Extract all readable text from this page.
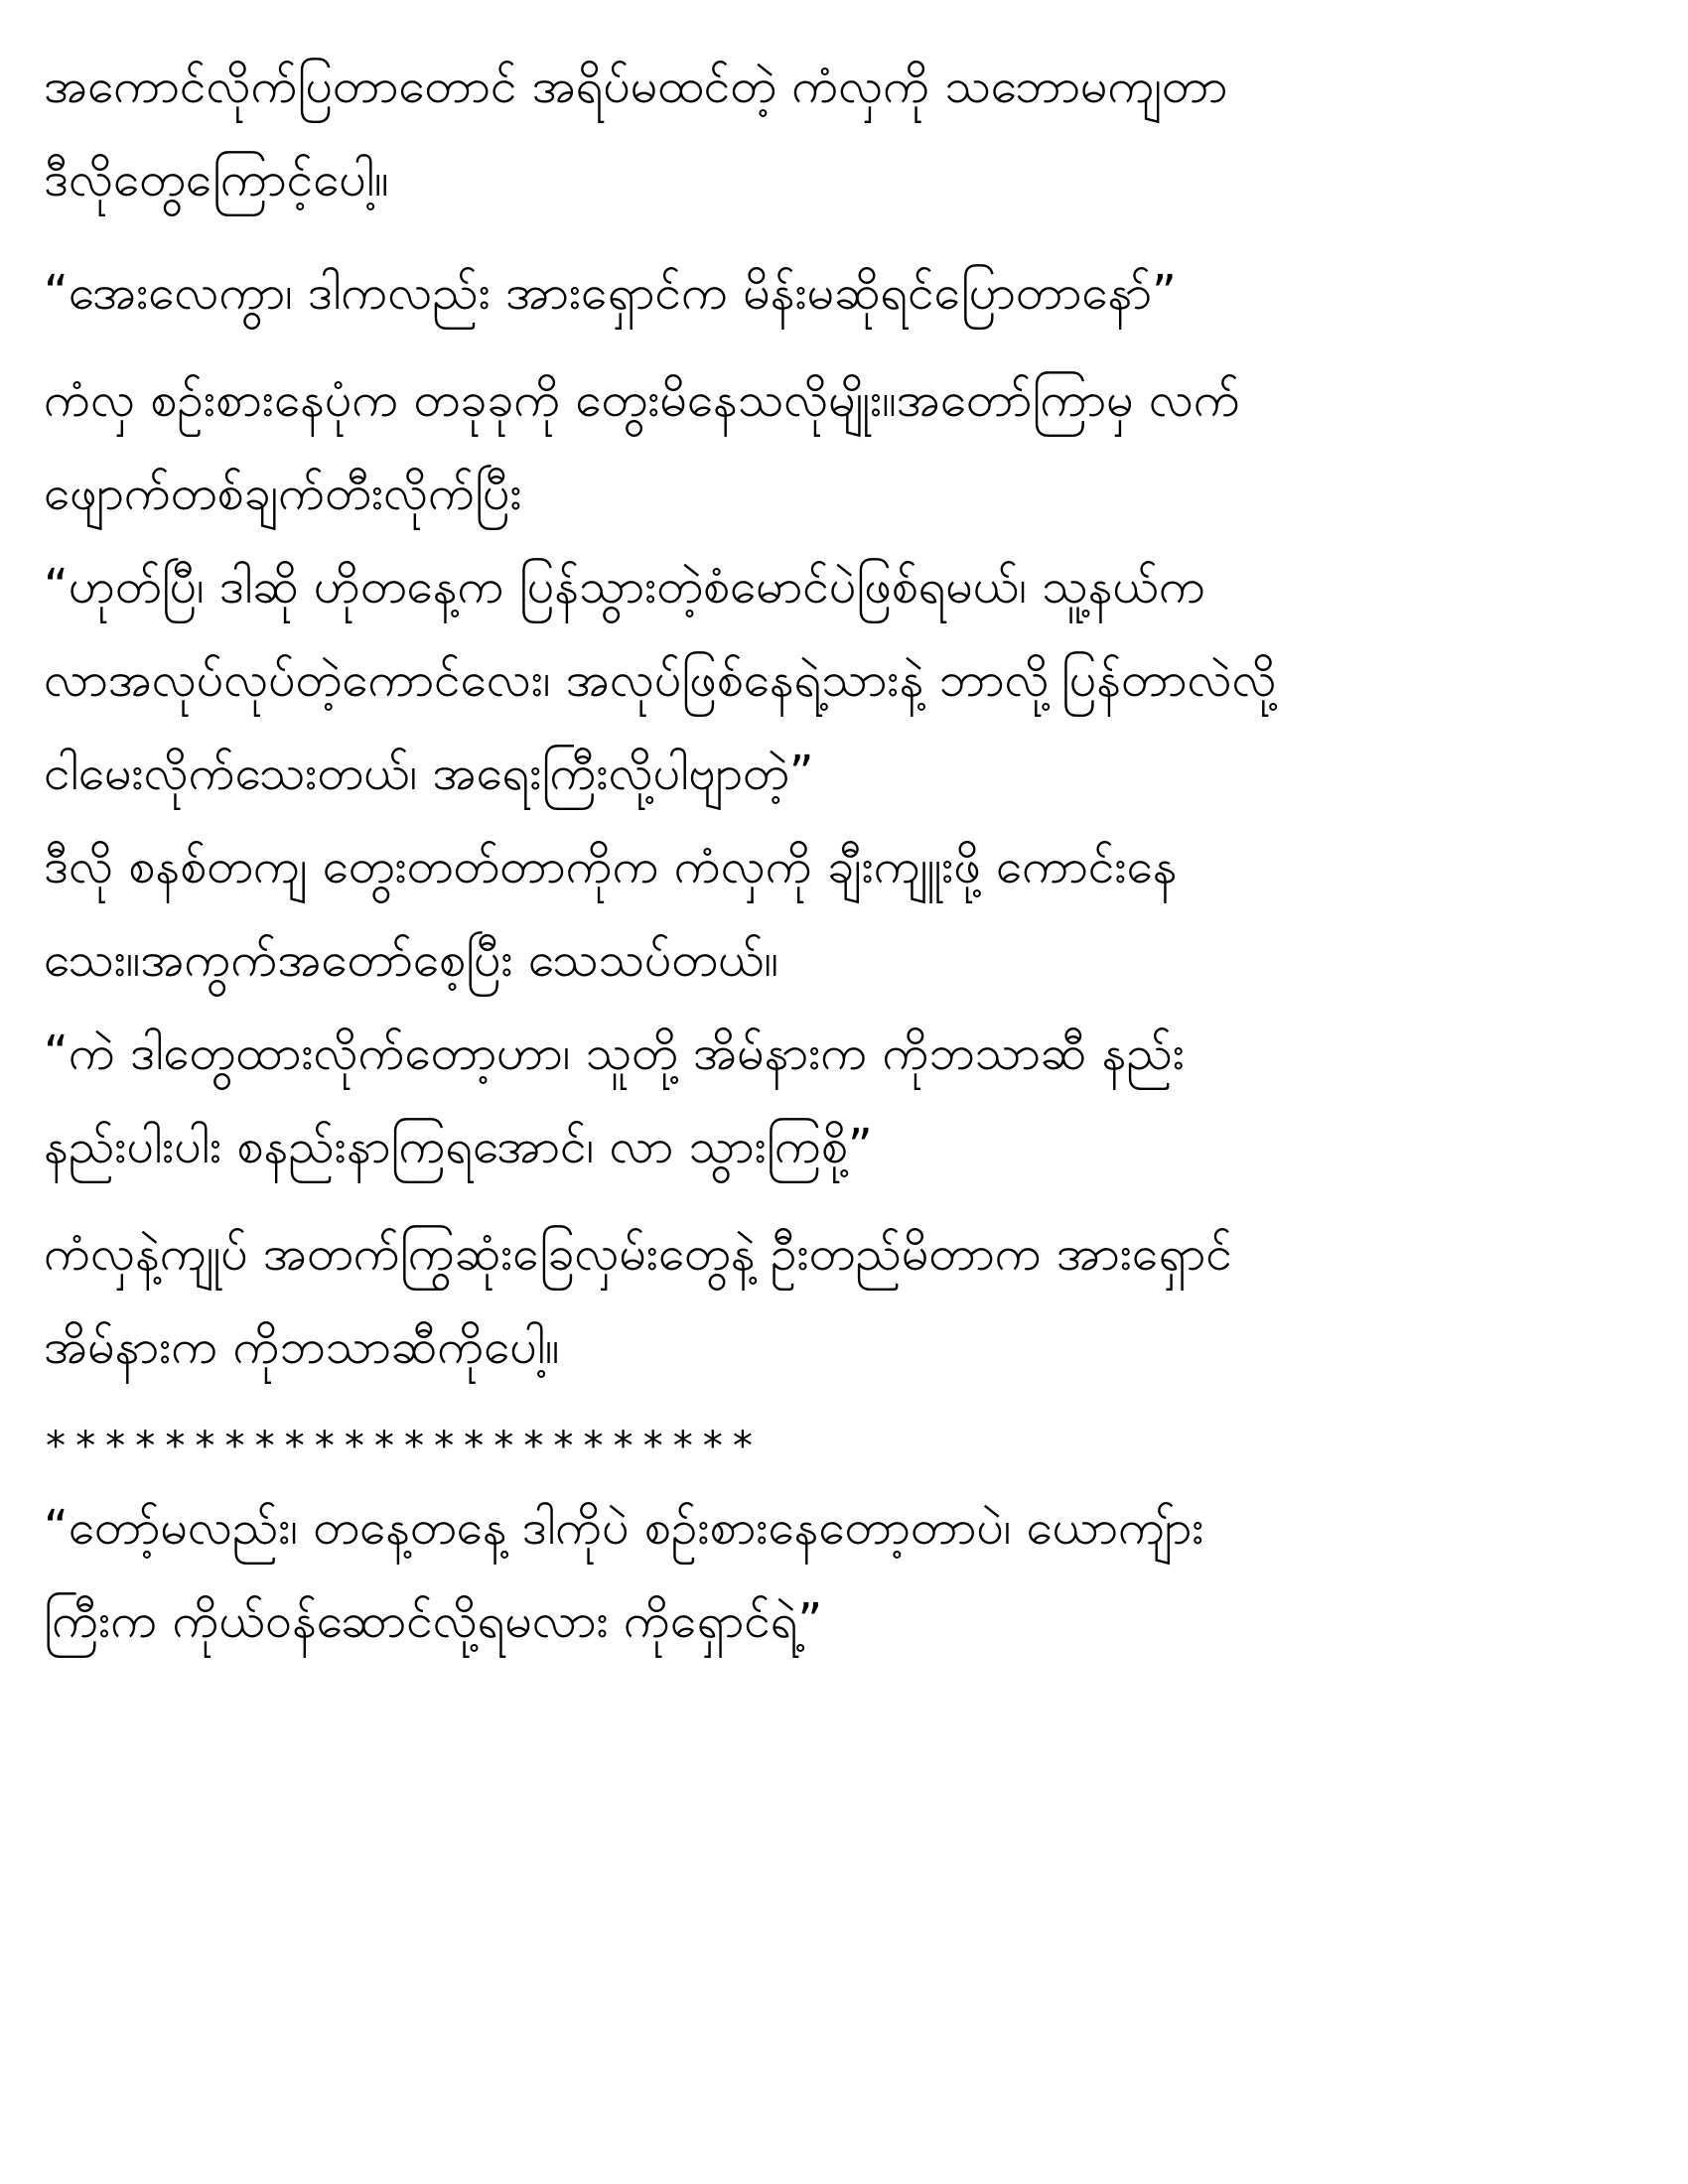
အကောင်လိုက်ပြတာတောင် အရိပ်မထင်တဲ့ ကံလှကို သဘောမကျတာ
ဒီလိုတွေကြောင့်ပေါ့။

“အေးလေကွာ၊ ဒါကလည်း အားရှောင်က မိန်းမဆိုရင်ပြောတာနော်”

ကံလှ စဉ်းစားနေပုံက တခုခုကို တွေးမိနေသလိုမျိုး။အတော်ကြာမှ လက်
ဖျောက်တစ်ချက်တီးလိုက်ပြီး

“ဟုတ်ပြီ၊ ဒါဆို ဟိုတနေ့က ပြန်သွားတဲ့စံမောင်ပဲဖြစ်ရမယ်၊ သူ့နယ်က
လာအလုပ်လုပ်တဲ့ကောင်လေး၊ အလုပ်ဖြစ်နေရဲ့သားနဲ့ ဘာလို့ပြန်တာလဲလို့
ငါမေးလိုက်သေးတယ်၊ အရေးကြီးလို့ပါဗျာတဲ့”

ဒီလို စနစ်တကျ တွေးတတ်တာကိုက ကံလှကို ချီးကျူးဖို့ ကောင်းနေ
သေး။အကွက်အတော်စေ့ပြီး သေသပ်တယ်။

“ကဲ ဒါတွေထားလိုက်တော့ဟာ၊ သူတို့ အိမ်နားက ကိုဘသာဆီ နည်း
နည်းပါးပါး စနည်းနာကြရအောင်၊ လာ သွားကြစို့”

ကံလှနဲ့ကျုပ် အတက်ကြွဆုံးခြေလှမ်းတွေနဲ့ ဦးတည်မိတာက အားရှောင်
အိမ်နားက ကိုဘသာဆီကိုပေါ့။

************************

“တော့်မလည်း၊ တနေ့တနေ့ ဒါကိုပဲ စဉ်းစားနေတော့တာပဲ၊ ယောကျ်ား
ကြီးက ကိုယ်ဝန်ဆောင်လို့ရမလား ကိုရှောင်ရဲ့”
